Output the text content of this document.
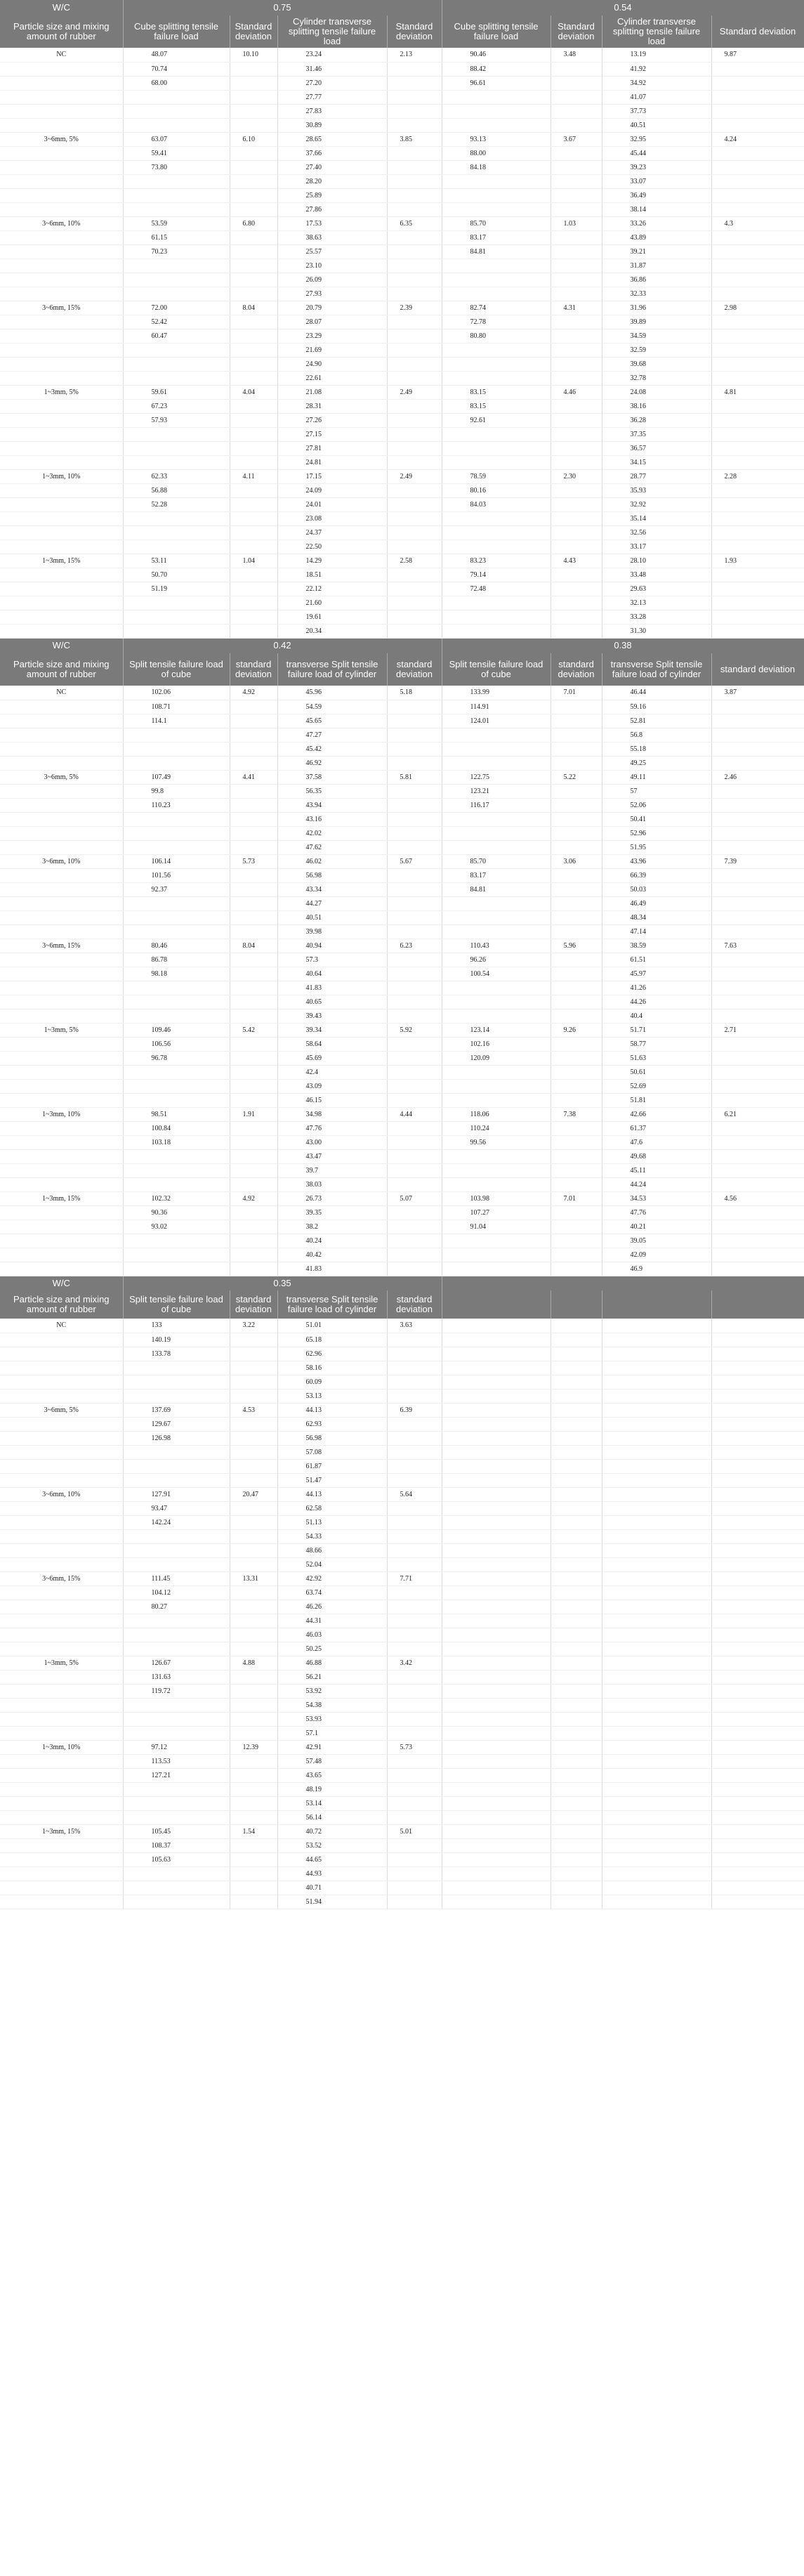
W/C	0.75				0.54			
Particle size and mixing amount of rubber	Cube splitting tensile failure load	Standard deviation	Cylinder transverse splitting tensile failure load	Standard deviation	Cube splitting tensile failure load	Standard deviation	Cylinder transverse splitting tensile failure load	Standard deviation
NC	48.07	10.10	23.24	2.13	90.46	3.48	13.19	9.87
	70.74		31.46		88.42		41.92	
	68.00		27.20		96.61		34.92	
			27.77				41.07	
			27.83				37.73	
			30.89				40.51	
3~6mm, 5%	63.07	6.10	28.65	3.85	93.13	3.67	32.95	4.24
	59.41		37.66		88.00		45.44	
	73.80		27.40		84.18		39.23	
			28.20				33.07	
			25.89				36.49	
			27.86				38.14	
3~6mm, 10%	53.59	6.80	17.53	6.35	85.70	1.03	33.26	4.3
	61.15		38.63		83.17		43.89	
	70.23		25.57		84.81		39.21	
			23.10				31.87	
			26.09				36.86	
			27.93				32.33	
3~6mm, 15%	72.00	8.04	20.79	2.39	82.74	4.31	31.96	2.98
	52.42		28.07		72.78		39.89	
	60.47		23.29		80.80		34.59	
			21.69				32.59	
			24.90				39.68	
			22.61				32.78	
1~3mm, 5%	59.61	4.04	21.08	2.49	83.15	4.46	24.08	4.81
	67.23		28.31		83.15		38.16	
	57.93		27.26		92.61		36.28	
			27.15				37.35	
			27.81				36.57	
			24.81				34.15	
1~3mm, 10%	62.33	4.11	17.15	2.49	78.59	2.30	28.77	2.28
	56.88		24.09		80.16		35.93	
	52.28		24.01		84.03		32.92	
			23.08				35.14	
			24.37				32.56	
			22.50				33.17	
1~3mm, 15%	53.11	1.04	14.29	2.58	83.23	4.43	28.10	1.93
	50.70		18.51		79.14		33.48	
	51.19		22.12		72.48		29.63	
			21.60				32.13	
			19.61				33.28	
			20.34				31.30	
W/C	0.42				0.38			
Particle size and mixing amount of rubber	Split tensile failure load of cube	standard deviation	transverse Split tensile failure load of cylinder	standard deviation	Split tensile failure load of cube	standard deviation	transverse Split tensile failure load of cylinder	standard deviation
NC	102.06	4.92	45.96	5.18	133.99	7.01	46.44	3.87
	108.71		54.59		114.91		59.16	
	114.1		45.65		124.01		52.81	
			47.27				56.8	
			45.42				55.18	
			46.92				49.25	
3~6mm, 5%	107.49	4.41	37.58	5.81	122.75	5.22	49.11	2.46
	99.8		56.35		123.21		57	
	110.23		43.94		116.17		52.06	
			43.16				50.41	
			42.02				52.96	
			47.62				51.95	
3~6mm, 10%	106.14	5.73	46.02	5.67	85.70	3.06	43.96	7.39
	101.56		56.98		83.17		66.39	
	92.37		43.34		84.81		50.03	
			44.27				46.49	
			40.51				48.34	
			39.98				47.14	
3~6mm, 15%	80.46	8.04	40.94	6.23	110.43	5.96	38.59	7.63
	86.78		57.3		96.26		61.51	
	98.18		40.64		100.54		45.97	
			41.83				41.26	
			40.65				44.26	
			39.43				40.4	
1~3mm, 5%	109.46	5.42	39.34	5.92	123.14	9.26	51.71	2.71
	106.56		58.64		102.16		58.77	
	96.78		45.69		120.09		51.63	
			42.4				50.61	
			43.09				52.69	
			46.15				51.81	
1~3mm, 10%	98.51	1.91	34.98	4.44	118.06	7.38	42.66	6.21
	100.84		47.76		110.24		61.37	
	103.18		43.00		99.56		47.6	
			43.47				49.68	
			39.7				45.11	
			38.03				44.24	
1~3mm, 15%	102.32	4.92	26.73	5.07	103.98	7.01	34.53	4.56
	90.36		39.35		107.27		47.76	
	93.02		38.2		91.04		40.21	
			40.24				39.05	
			40.42				42.09	
			41.83				46.9	
W/C	0.35							
Particle size and mixing amount of rubber	Split tensile failure load of cube	standard deviation	transverse Split tensile failure load of cylinder	standard deviation				
NC	133	3.22	51.01	3.63				
	140.19		65.18					
	133.78		62.96					
			58.16					
			60.09					
			53.13					
3~6mm, 5%	137.69	4.53	44.13	6.39				
	129.67		62.93					
	126.98		56.98					
			57.08					
			61.87					
			51.47					
3~6mm, 10%	127.91	20.47	44.13	5.64				
	93.47		62.58					
	142.24		51.13					
			54.33					
			48.66					
			52.04					
3~6mm, 15%	111.45	13.31	42.92	7.71				
	104.12		63.74					
	80.27		46.26					
			44.31					
			46.03					
			50.25					
1~3mm, 5%	126.67	4.88	46.88	3.42				
	131.63		56.21					
	119.72		53.92					
			54.38					
			53.93					
			57.1					
1~3mm, 10%	97.12	12.39	42.91	5.73				
	113.53		57.48					
	127.21		43.65					
			48.19					
			53.14					
			56.14					
1~3mm, 15%	105.45	1.54	40.72	5.01				
	108.37		53.52					
	105.63		44.65					
			44.93					
			40.71					
			51.94					
